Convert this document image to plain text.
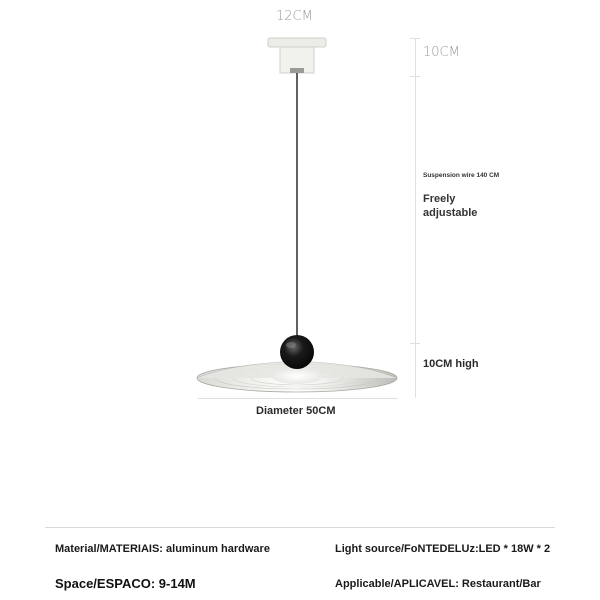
12CM
10CM
Suspension wire 140 CM
Freely adjustable
10CM high
Diameter 50CM
Material/MATERIAIS: aluminum hardware	Light source/FoNTEDELUz:LED * 18W * 2
Space/ESPACO: 9-14M	Applicable/APLICAVEL: Restaurant/Bar
